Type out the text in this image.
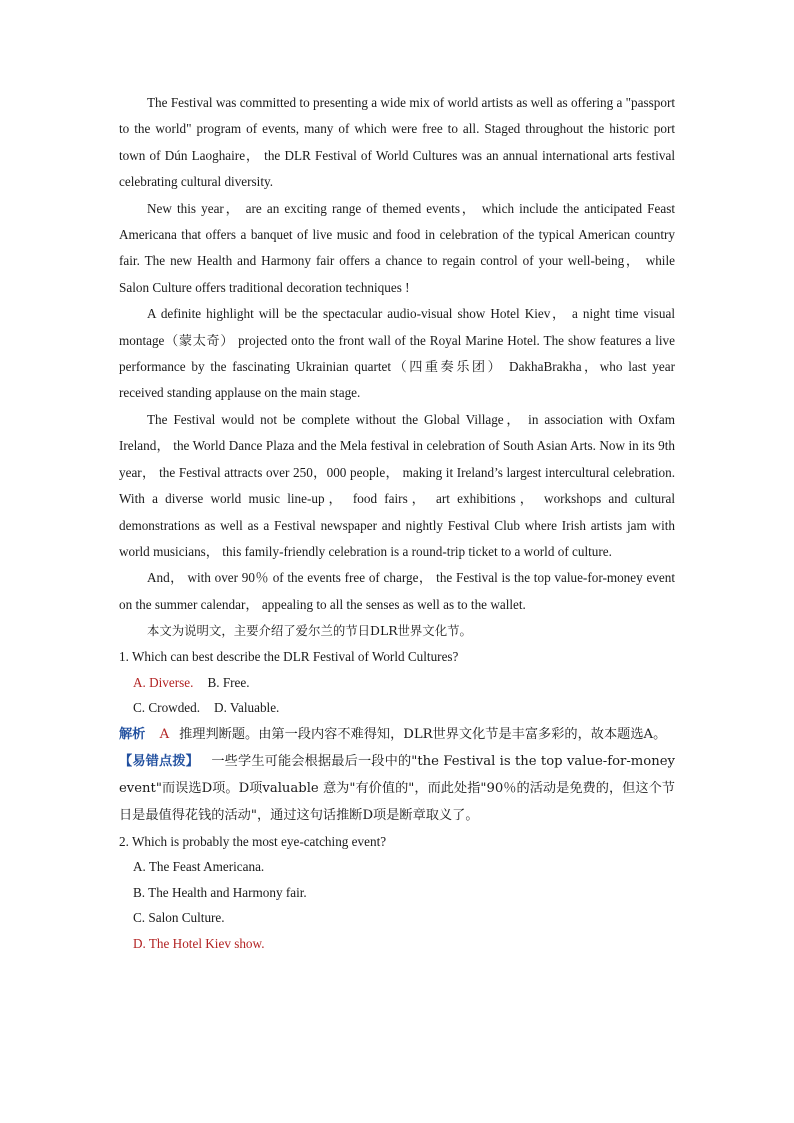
The Festival was committed to presenting a wide mix of world artists as well as offering a "passport to the world" program of events, many of which were free to all. Staged throughout the historic port town of Dún Laoghaire， the DLR Festival of World Cultures was an annual international arts festival celebrating cultural diversity.

New this year， are an exciting range of themed events， which include the anticipated Feast Americana that offers a banquet of live music and food in celebration of the typical American country fair. The new Health and Harmony fair offers a chance to regain control of your well-being， while Salon Culture offers traditional decoration techniques !

A definite highlight will be the spectacular audio-visual show Hotel Kiev， a night time visual montage（蒙太奇） projected onto the front wall of the Royal Marine Hotel. The show features a live performance by the fascinating Ukrainian quartet（四重奏乐团） DakhaBrakha，who last year received standing applause on the main stage.

The Festival would not be complete without the Global Village， in association with Oxfam Ireland， the World Dance Plaza and the Mela festival in celebration of South Asian Arts. Now in its 9th year， the Festival attracts over 250，000 people， making it Ireland’s largest intercultural celebration. With a diverse world music line-up， food fairs， art exhibitions， workshops and cultural demonstrations as well as a Festival newspaper and nightly Festival Club where Irish artists jam with world musicians， this family-friendly celebration is a round-trip ticket to a world of culture.

And， with over 90％ of the events free of charge， the Festival is the top value-for-money event on the summer calendar， appealing to all the senses as well as to the wallet.

本文为说明文，主要介绍了爱尔兰的节日DLR世界文化节。

1. Which can best describe the DLR Festival of World Cultures?

A. Diverse. B. Free.

C. Crowded. D. Valuable.

解析 A 推理判断题。由第一段内容不难得知，DLR世界文化节是丰富多彩的，故本题选A。

【易错点拨】 一些学生可能会根据最后一段中的"the Festival is the top value-for-money event"而误选D项。D项valuable 意为"有价值的"，而此处指"90％的活动是免费的，但这个节日是最值得花钱的活动"，通过这句话推断D项是断章取义了。

2. Which is probably the most eye-catching event?

A. The Feast Americana.

B. The Health and Harmony fair.

C. Salon Culture.

D. The Hotel Kiev show.
